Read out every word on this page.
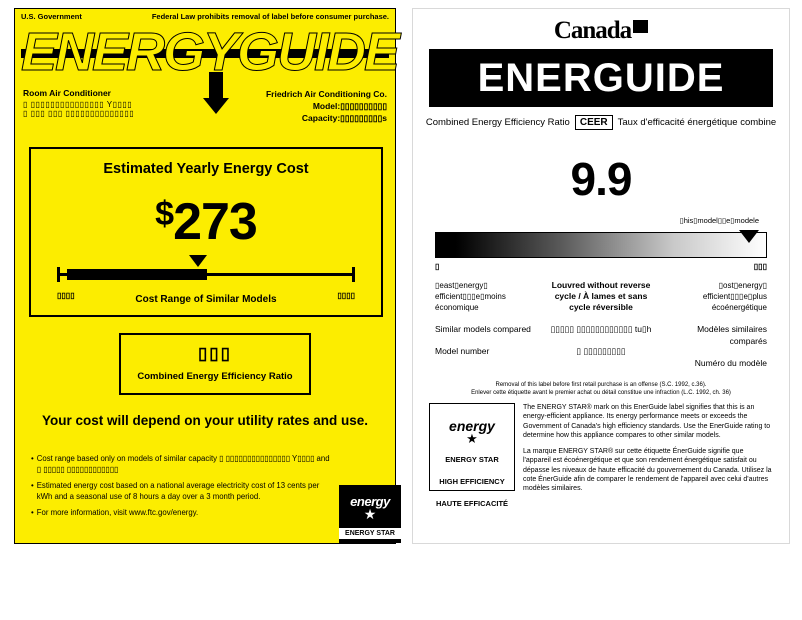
U.S. Government	Federal Law prohibits removal of label before consumer purchase.
ENERGYGUIDE
Room Air Conditioner
▯ ▯▯▯▯▯▯▯▯▯▯▯▯▯▯▯ Y▯▯▯▯
▯ ▯▯▯ ▯▯▯ ▯▯▯▯▯▯▯▯▯▯▯▯▯▯
Friedrich Air Conditioning Co.
Model:▯▯▯▯▯▯▯▯▯▯
Capacity:▯▯▯▯▯▯▯▯▯s
Estimated Yearly Energy Cost
$273
▯▯▯▯	▯▯▯▯
Cost Range of Similar Models
▯▯▯
Combined Energy Efficiency Ratio
Your cost will depend on your utility rates and use.
• Cost range based only on models of similar capacity ▯ ▯▯▯▯▯▯▯▯▯▯▯▯▯▯▯ Y▯▯▯▯ and ▯ ▯▯▯▯▯ ▯▯▯▯▯▯▯▯▯▯▯▯
• Estimated energy cost based on a national average electricity cost of 13 cents per kWh and a seasonal use of 8 hours a day over a 3 month period.
• For more information, visit www.ftc.gov/energy.
energy
★
ENERGY STAR
Canada
ENERGUIDE
Combined Energy Efficiency Ratio	CEER	Taux d'efficacité énergétique combine
9.9
▯his▯model▯▯e▯modele
▯	▯▯▯
▯east▯energy▯ efficient▯▯▯e▯moins économique
Similar models compared
Model number
Louvred without reverse cycle / À lames et sans cycle réversible
▯▯▯▯▯ ▯▯▯▯▯▯▯▯▯▯▯▯ tu▯h
▯ ▯▯▯▯▯▯▯▯▯
▯ost▯energy▯ efficient▯▯▯e▯plus écoénergétique
Modèles similaires comparés
Numéro du modèle
Removal of this label before first retail purchase is an offense (S.C. 1992, c.36).
Enlever cette étiquette avant le premier achat ou détail constitue une infraction (L.C. 1992, ch. 36)
energy
★
ENERGY STAR
HIGH EFFICIENCY
HAUTE EFFICACITÉ

The ENERGY STAR® mark on this EnerGuide label signifies that this is an energy-efficient appliance. Its energy performance meets or exceeds the Government of Canada's high efficiency standards. Use the EnerGuide rating to determine how this appliance compares to other similar models.

La marque ENERGY STAR® sur cette étiquette ÉnerGuide signifie que l'appareil est écoénergétique et que son rendement énergétique satisfait ou dépasse les niveaux de haute efficacité du gouvernement du Canada. Utilisez la cote ÉnerGuide afin de comparer le rendement de l'appareil avec celui d'autres modèles similaires.
